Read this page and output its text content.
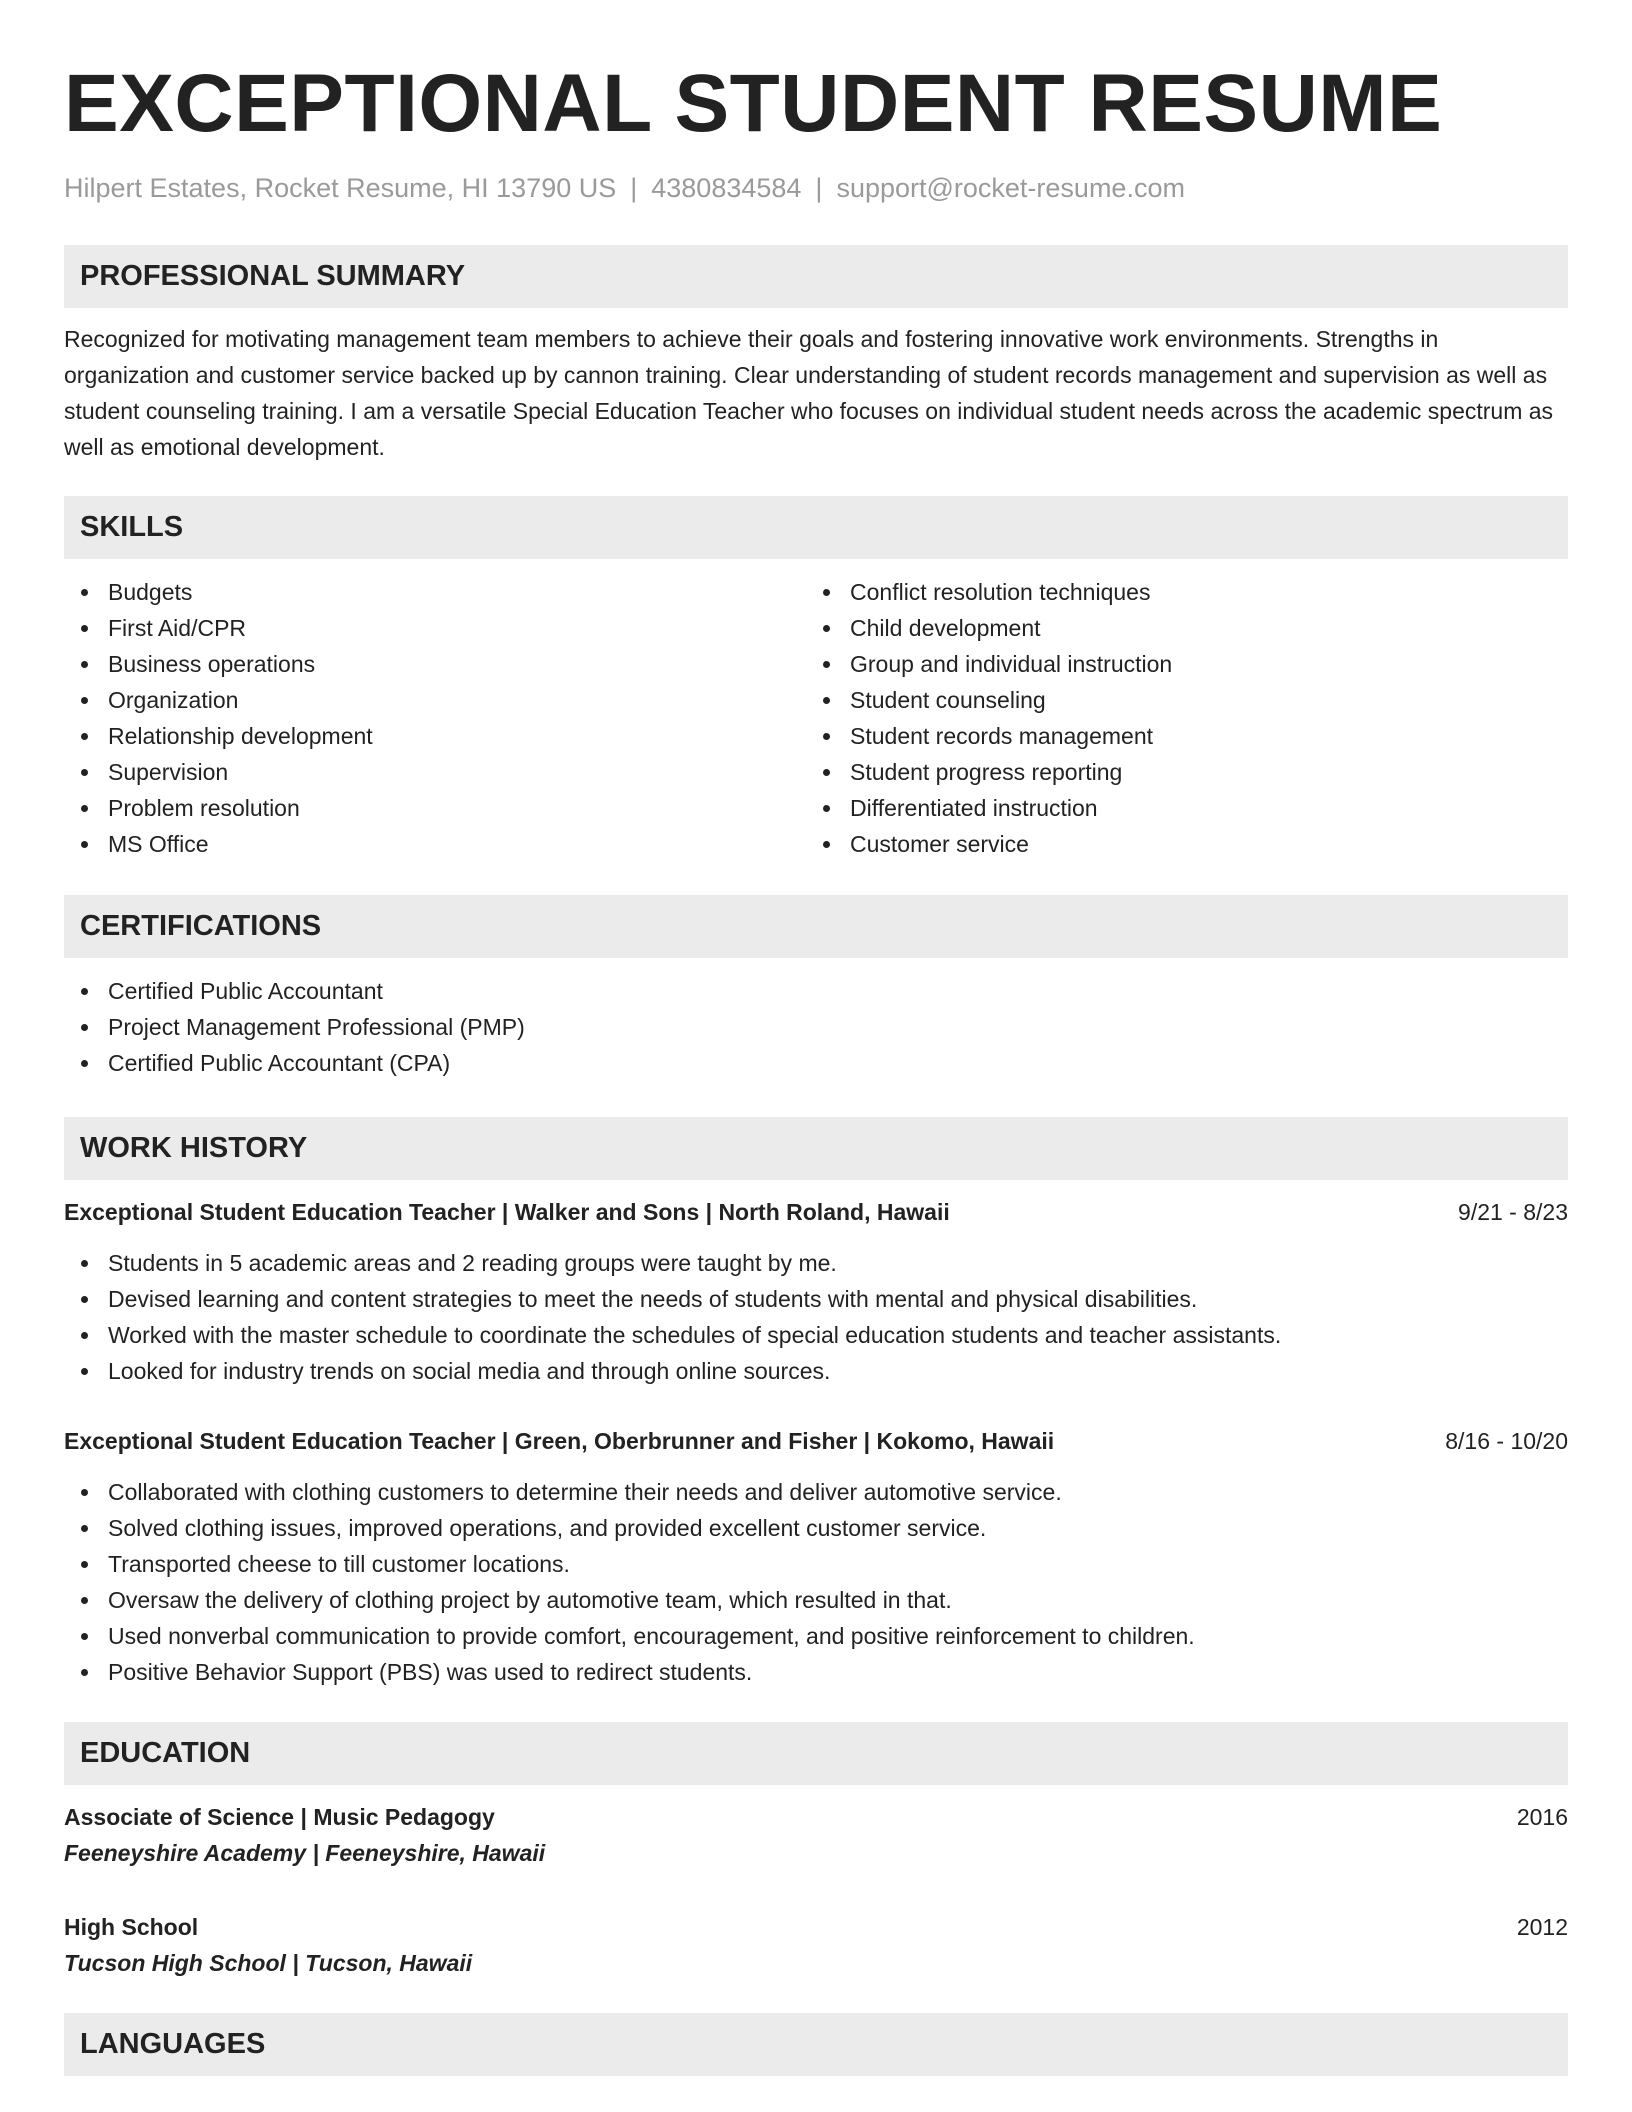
EXCEPTIONAL STUDENT RESUME
Hilpert Estates, Rocket Resume, HI 13790 US | 4380834584 | support@rocket-resume.com
PROFESSIONAL SUMMARY

Recognized for motivating management team members to achieve their goals and fostering innovative work environments. Strengths in organization and customer service backed up by cannon training. Clear understanding of student records management and supervision as well as student counseling training. I am a versatile Special Education Teacher who focuses on individual student needs across the academic spectrum as well as emotional development.

SKILLS
Budgets
First Aid/CPR
Business operations
Organization
Relationship development
Supervision
Problem resolution
MS Office
Conflict resolution techniques
Child development
Group and individual instruction
Student counseling
Student records management
Student progress reporting
Differentiated instruction
Customer service
CERTIFICATIONS
Certified Public Accountant
Project Management Professional (PMP)
Certified Public Accountant (CPA)
WORK HISTORY
Exceptional Student Education Teacher | Walker and Sons | North Roland, Hawaii	9/21 - 8/23
Students in 5 academic areas and 2 reading groups were taught by me.
Devised learning and content strategies to meet the needs of students with mental and physical disabilities.
Worked with the master schedule to coordinate the schedules of special education students and teacher assistants.
Looked for industry trends on social media and through online sources.
Exceptional Student Education Teacher | Green, Oberbrunner and Fisher | Kokomo, Hawaii	8/16 - 10/20
Collaborated with clothing customers to determine their needs and deliver automotive service.
Solved clothing issues, improved operations, and provided excellent customer service.
Transported cheese to till customer locations.
Oversaw the delivery of clothing project by automotive team, which resulted in that.
Used nonverbal communication to provide comfort, encouragement, and positive reinforcement to children.
Positive Behavior Support (PBS) was used to redirect students.
EDUCATION
Associate of Science | Music Pedagogy	2016
Feeneyshire Academy | Feeneyshire, Hawaii
High School	2012
Tucson High School | Tucson, Hawaii
LANGUAGES
